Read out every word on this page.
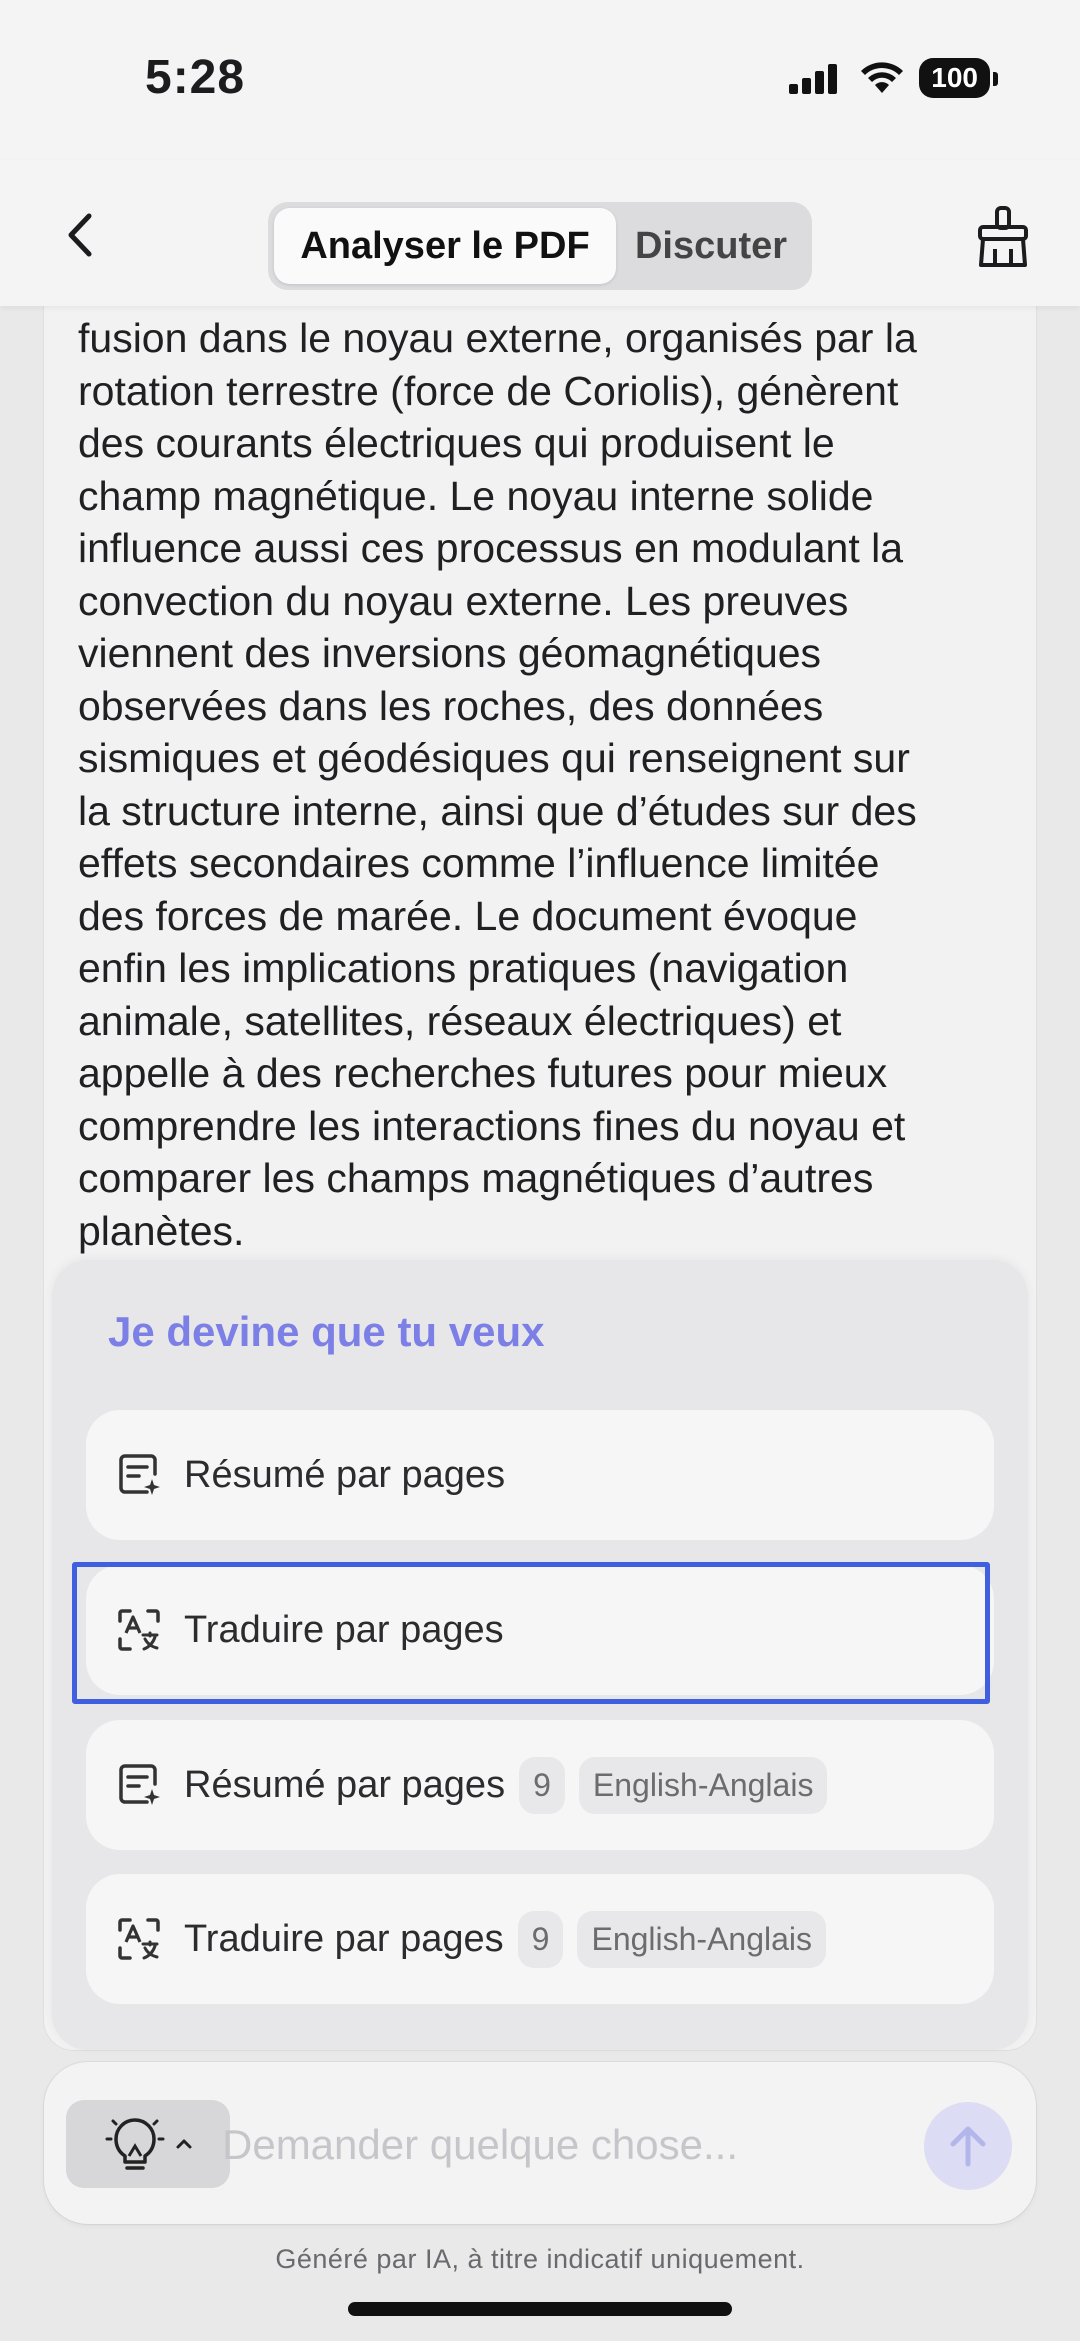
5:28	100
Analyser le PDF	Discuter

fusion dans le noyau externe, organisés par la
rotation terrestre (force de Coriolis), génèrent
des courants électriques qui produisent le
champ magnétique. Le noyau interne solide
influence aussi ces processus en modulant la
convection du noyau externe. Les preuves
viennent des inversions géomagnétiques
observées dans les roches, des données
sismiques et géodésiques qui renseignent sur
la structure interne, ainsi que d’études sur des
effets secondaires comme l’influence limitée
des forces de marée. Le document évoque
enfin les implications pratiques (navigation
animale, satellites, réseaux électriques) et
appelle à des recherches futures pour mieux
comprendre les interactions fines du noyau et
comparer les champs magnétiques d’autres
planètes.

Je devine que tu veux
Résumé par pages
Traduire par pages
Résumé par pages 9	English-Anglais
Traduire par pages 9	English-Anglais
Demander quelque chose...
Généré par IA, à titre indicatif uniquement.
